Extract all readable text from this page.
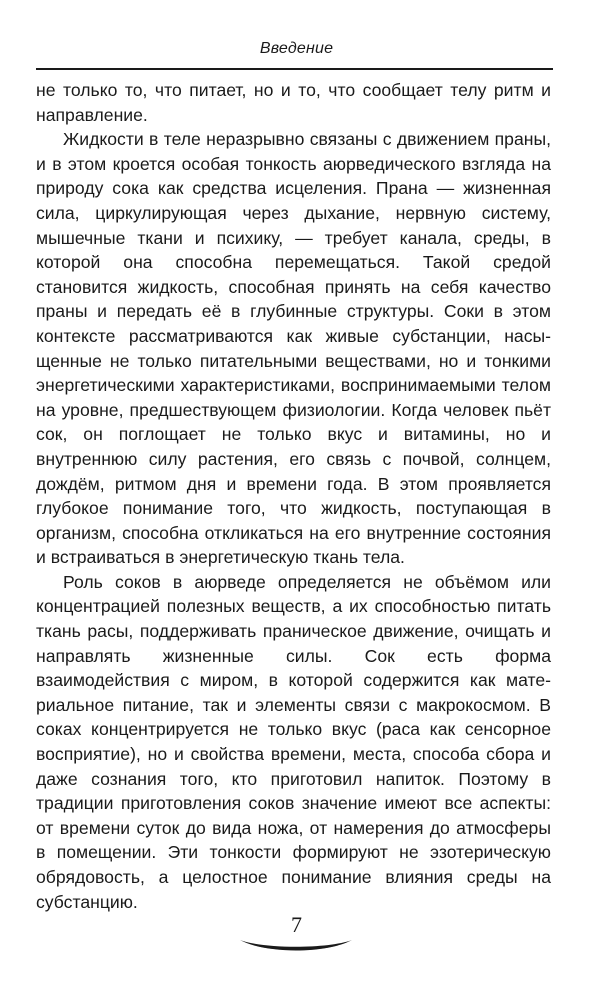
Введение

не только то, что питает, но и то, что сообщает телу ритм и направление.

Жидкости в теле неразрывно связаны с движением праны, и в этом кроется особая тонкость аюрведического взгляда на природу сока как средства исцеления. Прана — жизненная сила, циркулирующая через дыхание, нервную систему, мышечные ткани и психику, — требует канала, среды, в которой она способна перемещаться. Такой средой становится жидкость, способная принять на себя качество праны и передать её в глубинные структуры. Соки в этом контексте рассматриваются как живые субстанции, насыщенные не только питательными веществами, но и тонкими энергетическими характеристиками, воспринимаемыми телом на уровне, предшествующем физиологии. Когда человек пьёт сок, он поглощает не только вкус и витамины, но и внутреннюю силу растения, его связь с почвой, солнцем, дождём, ритмом дня и времени года. В этом проявляется глубокое понимание того, что жидкость, поступающая в организм, способна откликаться на его внутренние состояния и встраиваться в энергетическую ткань тела.

Роль соков в аюрведе определяется не объёмом или концентрацией полезных веществ, а их способностью питать ткань расы, поддерживать праническое движение, очищать и направлять жизненные силы. Сок есть форма взаимодействия с миром, в которой содержится как материальное питание, так и элементы связи с макрокосмом. В соках концентрируется не только вкус (раса как сенсорное восприятие), но и свойства времени, места, способа сбора и даже сознания того, кто приготовил напиток. Поэтому в традиции приготовления соков значение имеют все аспекты: от времени суток до вида ножа, от намерения до атмосферы в помещении. Эти тонкости формируют не эзотерическую обрядовость, а целостное понимание влияния среды на субстанцию.

7
